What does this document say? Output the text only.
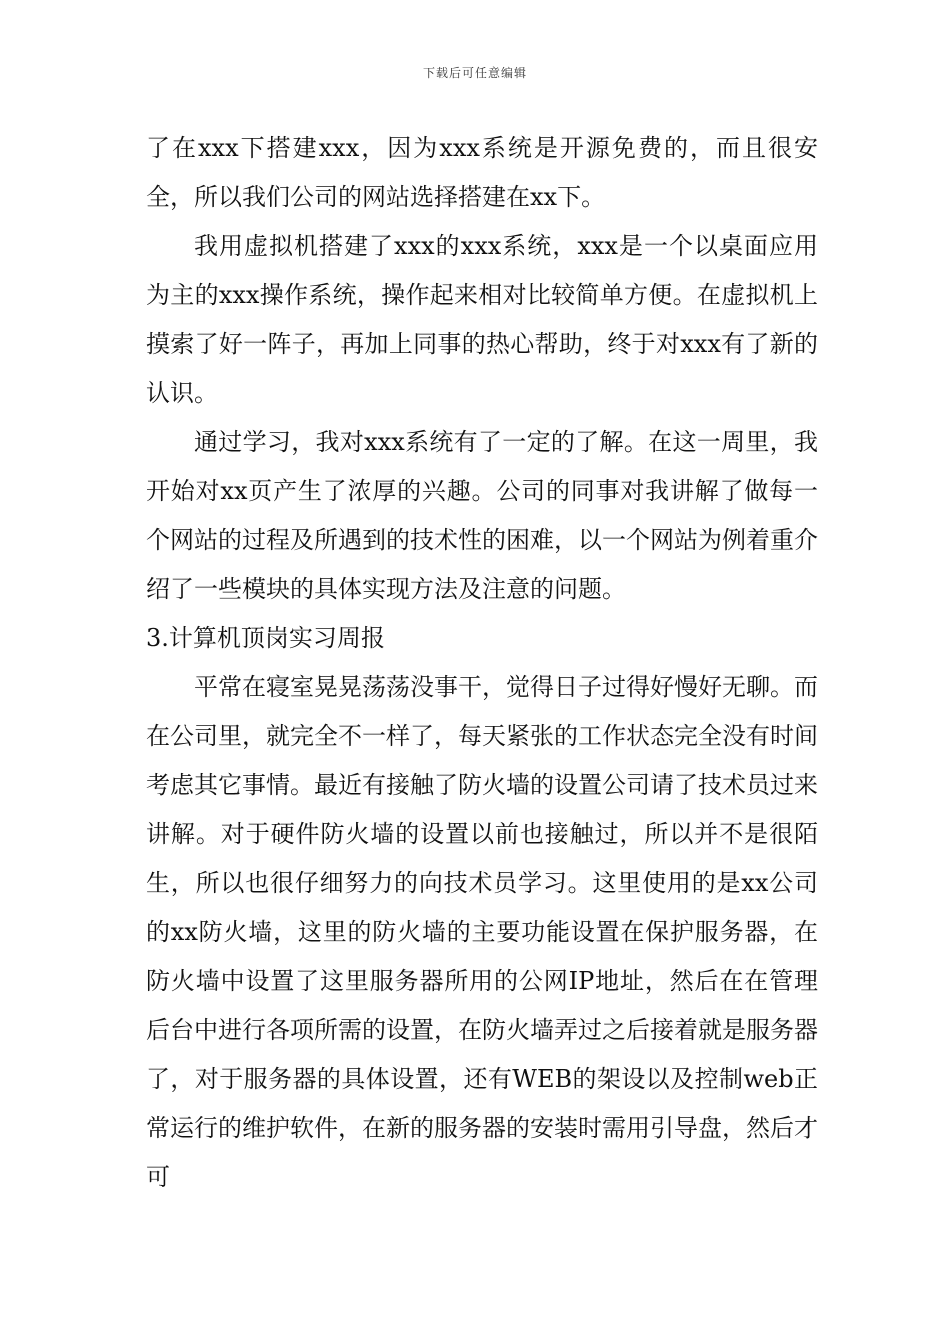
下载后可任意编辑

了在xxx下搭建xxx，因为xxx系统是开源免费的，而且很安全，所以我们公司的网站选择搭建在xx下。

我用虚拟机搭建了xxx的xxx系统，xxx是一个以桌面应用为主的xxx操作系统，操作起来相对比较简单方便。在虚拟机上摸索了好一阵子，再加上同事的热心帮助，终于对xxx有了新的认识。

通过学习，我对xxx系统有了一定的了解。在这一周里，我开始对xx页产生了浓厚的兴趣。公司的同事对我讲解了做每一个网站的过程及所遇到的技术性的困难，以一个网站为例着重介绍了一些模块的具体实现方法及注意的问题。

3.计算机顶岗实习周报

平常在寝室晃晃荡荡没事干，觉得日子过得好慢好无聊。而在公司里，就完全不一样了，每天紧张的工作状态完全没有时间考虑其它事情。最近有接触了防火墙的设置公司请了技术员过来讲解。对于硬件防火墙的设置以前也接触过，所以并不是很陌生，所以也很仔细努力的向技术员学习。这里使用的是xx公司的xx防火墙，这里的防火墙的主要功能设置在保护服务器，在防火墙中设置了这里服务器所用的公网IP地址，然后在在管理后台中进行各项所需的设置，在防火墙弄过之后接着就是服务器了，对于服务器的具体设置，还有WEB的架设以及控制web正常运行的维护软件，在新的服务器的安装时需用引导盘，然后才可
